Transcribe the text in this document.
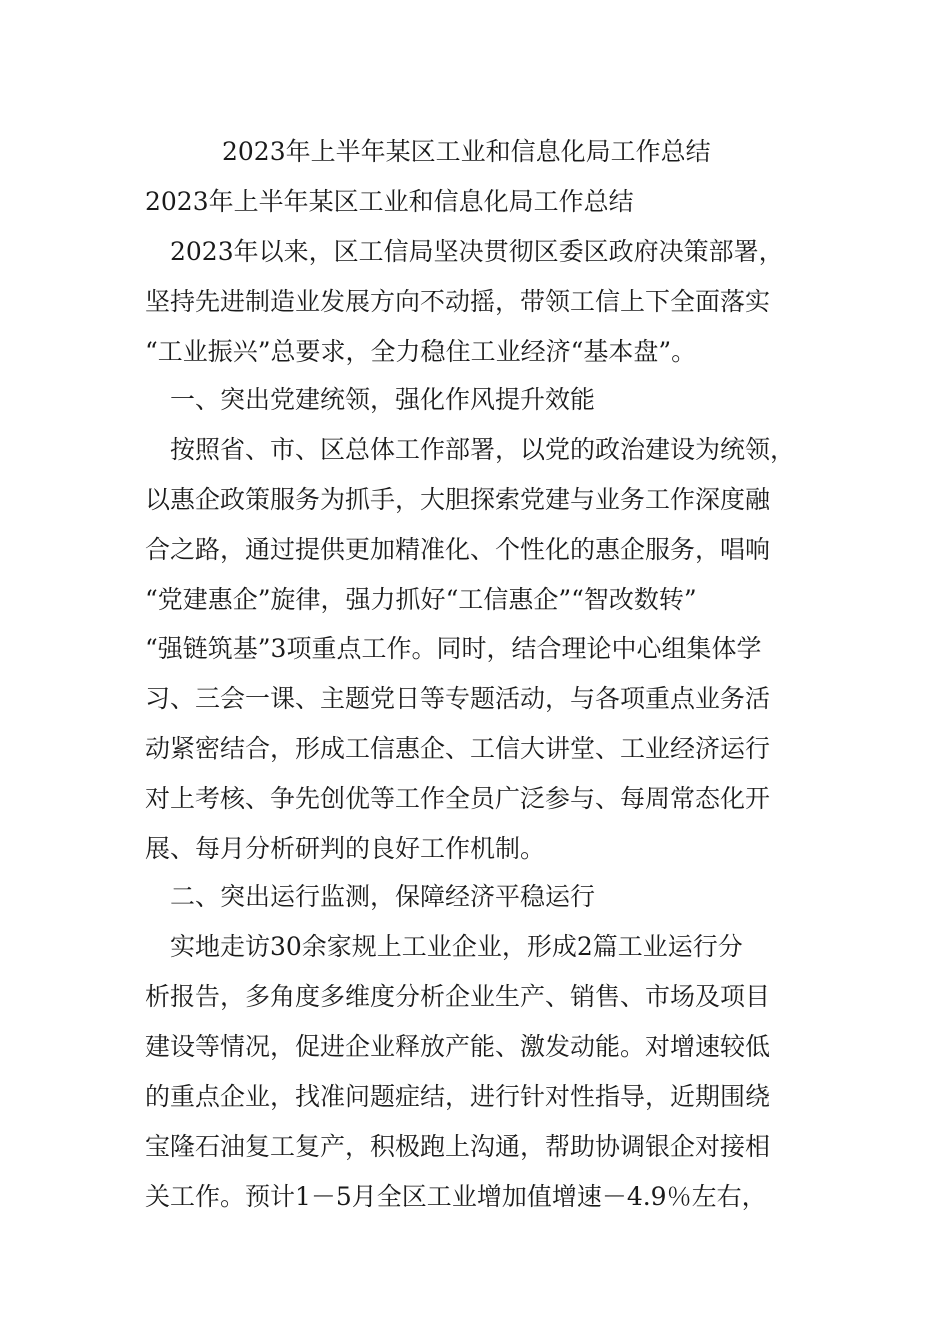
2023年上半年某区工业和信息化局工作总结
2023年上半年某区工业和信息化局工作总结
　2023年以来，区工信局坚决贯彻区委区政府决策部署，
坚持先进制造业发展方向不动摇，带领工信上下全面落实
“工业振兴”总要求，全力稳住工业经济“基本盘”。
　一、突出党建统领，强化作风提升效能
　按照省、市、区总体工作部署，以党的政治建设为统领，
以惠企政策服务为抓手，大胆探索党建与业务工作深度融
合之路，通过提供更加精准化、个性化的惠企服务，唱响
“党建惠企”旋律，强力抓好“工信惠企”“智改数转”
“强链筑基”3项重点工作。同时，结合理论中心组集体学
习、三会一课、主题党日等专题活动，与各项重点业务活
动紧密结合，形成工信惠企、工信大讲堂、工业经济运行
对上考核、争先创优等工作全员广泛参与、每周常态化开
展、每月分析研判的良好工作机制。
　二、突出运行监测，保障经济平稳运行
　实地走访30余家规上工业企业，形成2篇工业运行分
析报告，多角度多维度分析企业生产、销售、市场及项目
建设等情况，促进企业释放产能、激发动能。对增速较低
的重点企业，找准问题症结，进行针对性指导，近期围绕
宝隆石油复工复产，积极跑上沟通，帮助协调银企对接相
关工作。预计1－5月全区工业增加值增速－4.9％左右，
